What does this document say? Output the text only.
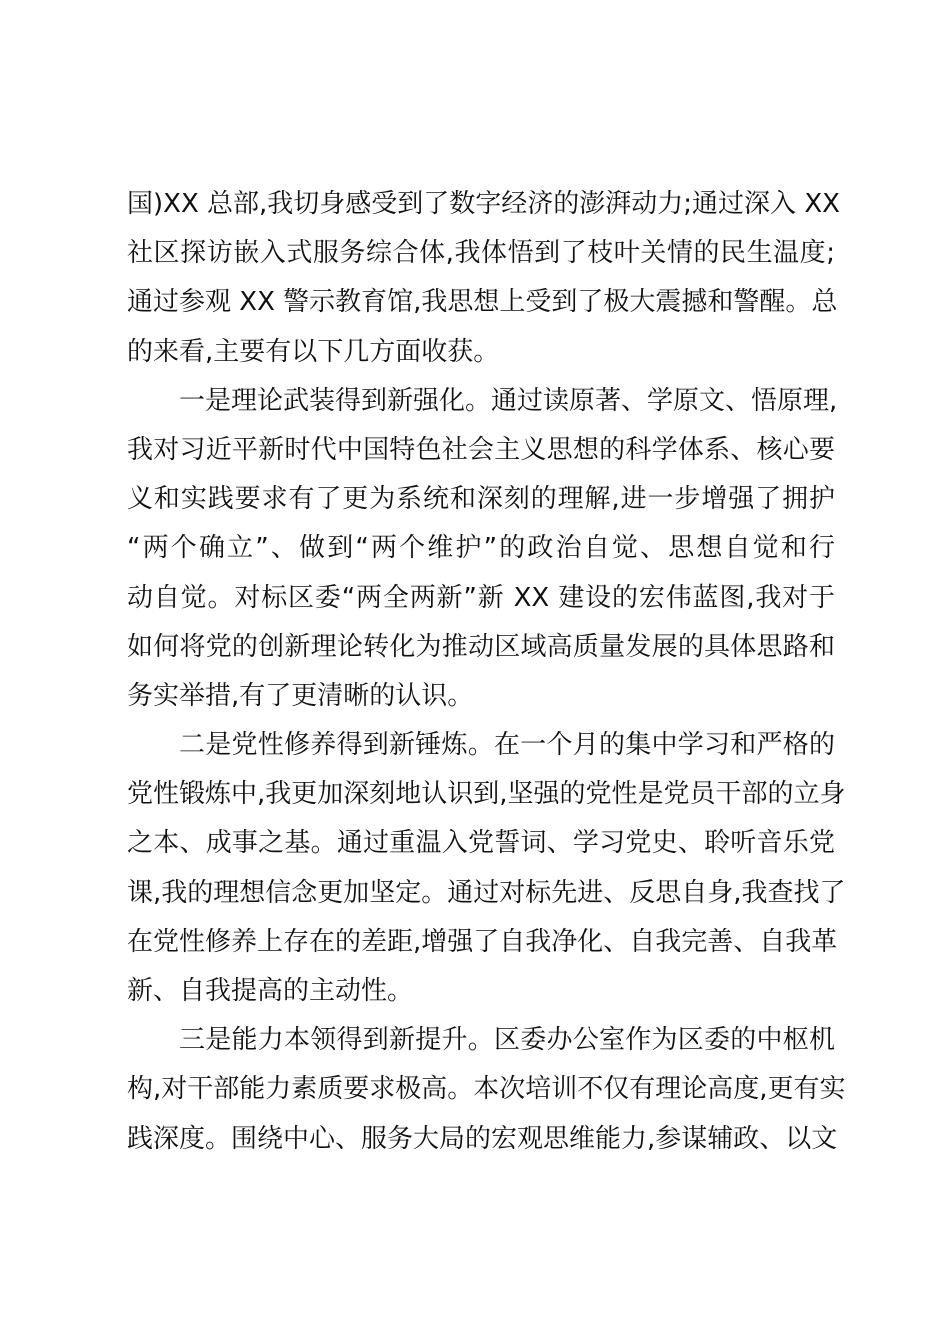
国)XX 总部,我切身感受到了数字经济的澎湃动力;通过深入 XX
社区探访嵌入式服务综合体,我体悟到了枝叶关情的民生温度;
通过参观 XX 警示教育馆,我思想上受到了极大震撼和警醒。总
的来看,主要有以下几方面收获。
一是理论武装得到新强化。通过读原著、学原文、悟原理,
我对习近平新时代中国特色社会主义思想的科学体系、核心要
义和实践要求有了更为系统和深刻的理解,进一步增强了拥护
“两个确立”、做到“两个维护”的政治自觉、思想自觉和行
动自觉。对标区委“两全两新”新 XX 建设的宏伟蓝图,我对于
如何将党的创新理论转化为推动区域高质量发展的具体思路和
务实举措,有了更清晰的认识。
二是党性修养得到新锤炼。在一个月的集中学习和严格的
党性锻炼中,我更加深刻地认识到,坚强的党性是党员干部的立身
之本、成事之基。通过重温入党誓词、学习党史、聆听音乐党
课,我的理想信念更加坚定。通过对标先进、反思自身,我查找了
在党性修养上存在的差距,增强了自我净化、自我完善、自我革
新、自我提高的主动性。
三是能力本领得到新提升。区委办公室作为区委的中枢机
构,对干部能力素质要求极高。本次培训不仅有理论高度,更有实
践深度。围绕中心、服务大局的宏观思维能力,参谋辅政、以文
